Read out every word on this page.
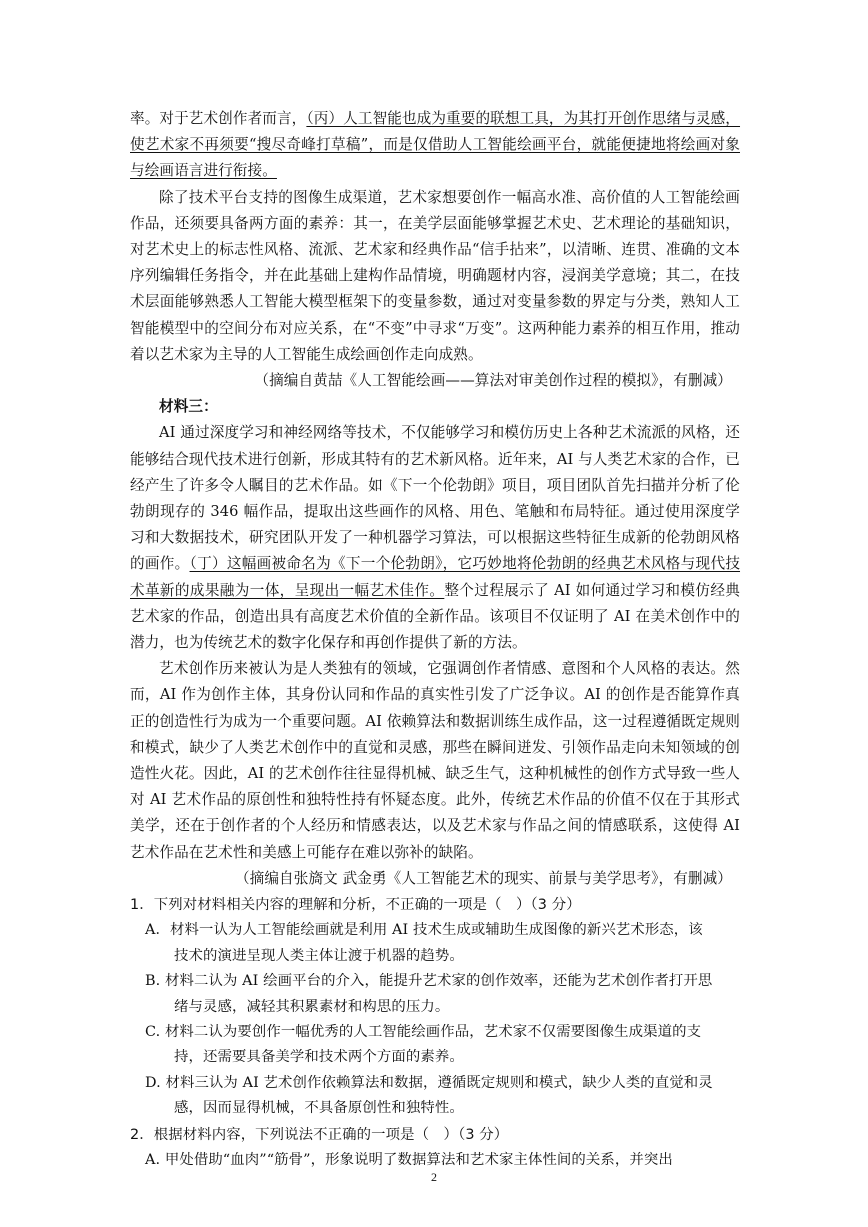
率。对于艺术创作者而言，（丙）人工智能也成为重要的联想工具，为其打开创作思绪与灵感，使艺术家不再须要“搜尽奇峰打草稿”，而是仅借助人工智能绘画平台，就能便捷地将绘画对象与绘画语言进行衔接。

除了技术平台支持的图像生成渠道，艺术家想要创作一幅高水准、高价值的人工智能绘画作品，还须要具备两方面的素养：其一，在美学层面能够掌握艺术史、艺术理论的基础知识，对艺术史上的标志性风格、流派、艺术家和经典作品“信手拈来”，以清晰、连贯、准确的文本序列编辑任务指令，并在此基础上建构作品情境，明确题材内容，浸润美学意境；其二，在技术层面能够熟悉人工智能大模型框架下的变量参数，通过对变量参数的界定与分类，熟知人工智能模型中的空间分布对应关系，在“不变”中寻求“万变”。这两种能力素养的相互作用，推动着以艺术家为主导的人工智能生成绘画创作走向成熟。

（摘编自黄喆《人工智能绘画——算法对审美创作过程的模拟》，有删减）

材料三：

AI 通过深度学习和神经网络等技术，不仅能够学习和模仿历史上各种艺术流派的风格，还能够结合现代技术进行创新，形成其特有的艺术新风格。近年来，AI 与人类艺术家的合作，已经产生了许多令人瞩目的艺术作品。如《下一个伦勃朗》项目，项目团队首先扫描并分析了伦勃朗现存的 346 幅作品，提取出这些画作的风格、用色、笔触和布局特征。通过使用深度学习和大数据技术，研究团队开发了一种机器学习算法，可以根据这些特征生成新的伦勃朗风格的画作。（丁）这幅画被命名为《下一个伦勃朗》，它巧妙地将伦勃朗的经典艺术风格与现代技术革新的成果融为一体，呈现出一幅艺术佳作。整个过程展示了 AI 如何通过学习和模仿经典艺术家的作品，创造出具有高度艺术价值的全新作品。该项目不仅证明了 AI 在美术创作中的潜力，也为传统艺术的数字化保存和再创作提供了新的方法。

艺术创作历来被认为是人类独有的领域，它强调创作者情感、意图和个人风格的表达。然而，AI 作为创作主体，其身份认同和作品的真实性引发了广泛争议。AI 的创作是否能算作真正的创造性行为成为一个重要问题。AI 依赖算法和数据训练生成作品，这一过程遵循既定规则和模式，缺少了人类艺术创作中的直觉和灵感，那些在瞬间迸发、引领作品走向未知领域的创造性火花。因此，AI 的艺术创作往往显得机械、缺乏生气，这种机械性的创作方式导致一些人对 AI 艺术作品的原创性和独特性持有怀疑态度。此外，传统艺术作品的价值不仅在于其形式美学，还在于创作者的个人经历和情感表达，以及艺术家与作品之间的情感联系，这使得 AI 艺术作品在艺术性和美感上可能存在难以弥补的缺陷。

（摘编自张旖文 武金勇《人工智能艺术的现实、前景与美学思考》，有删减）

1．下列对材料相关内容的理解和分析，不正确的一项是（　）（3 分）

A．材料一认为人工智能绘画就是利用 AI 技术生成或辅助生成图像的新兴艺术形态，该
技术的演进呈现人类主体让渡于机器的趋势。

B. 材料二认为 AI 绘画平台的介入，能提升艺术家的创作效率，还能为艺术创作者打开思
绪与灵感，减轻其积累素材和构思的压力。

C. 材料二认为要创作一幅优秀的人工智能绘画作品，艺术家不仅需要图像生成渠道的支
持，还需要具备美学和技术两个方面的素养。

D. 材料三认为 AI 艺术创作依赖算法和数据，遵循既定规则和模式，缺少人类的直觉和灵
感，因而显得机械，不具备原创性和独特性。

2．根据材料内容，下列说法不正确的一项是（　）（3 分）

A. 甲处借助“血肉”“筋骨”，形象说明了数据算法和艺术家主体性间的关系，并突出

2
